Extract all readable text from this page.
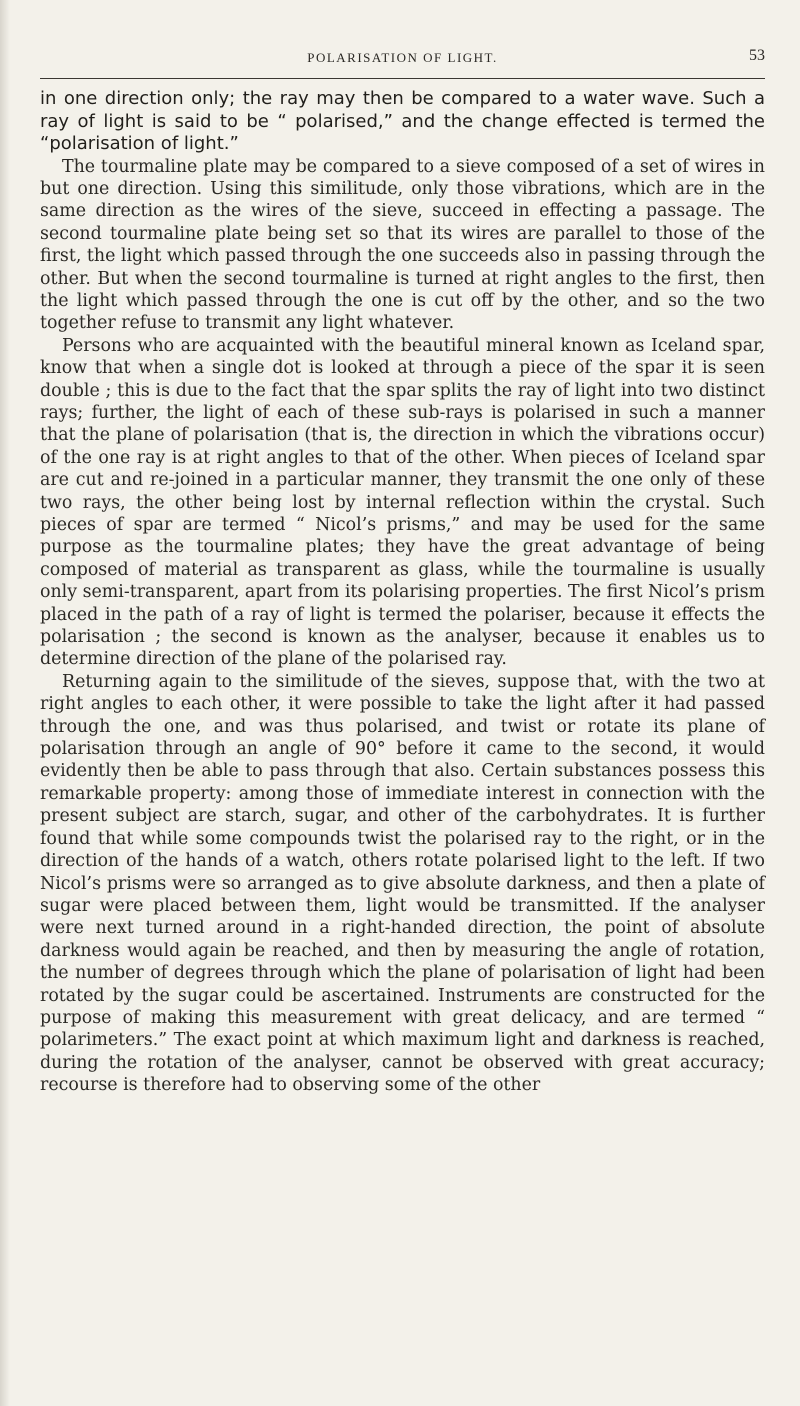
POLARISATION OF LIGHT.	53

in one direction only; the ray may then be compared to a water wave. Such a ray of light is said to be “ polarised,” and the change effected is termed the “polarisation of light.”

The tourmaline plate may be compared to a sieve composed of a set of wires in but one direction. Using this similitude, only those vibrations, which are in the same direction as the wires of the sieve, succeed in effecting a passage. The second tourmaline plate being set so that its wires are parallel to those of the first, the light which passed through the one succeeds also in passing through the other. But when the second tourmaline is turned at right angles to the first, then the light which passed through the one is cut off by the other, and so the two together refuse to transmit any light whatever.

Persons who are acquainted with the beautiful mineral known as Iceland spar, know that when a single dot is looked at through a piece of the spar it is seen double ; this is due to the fact that the spar splits the ray of light into two distinct rays; further, the light of each of these sub-rays is polarised in such a manner that the plane of polarisation (that is, the direction in which the vibrations occur) of the one ray is at right angles to that of the other. When pieces of Iceland spar are cut and re-joined in a particular manner, they transmit the one only of these two rays, the other being lost by internal reflection within the crystal. Such pieces of spar are termed “ Nicol’s prisms,” and may be used for the same purpose as the tourmaline plates; they have the great advantage of being composed of material as transparent as glass, while the tourmaline is usually only semi-transparent, apart from its polarising properties. The first Nicol’s prism placed in the path of a ray of light is termed the polariser, because it effects the polarisation ; the second is known as the analyser, because it enables us to determine direction of the plane of the polarised ray.

Returning again to the similitude of the sieves, suppose that, with the two at right angles to each other, it were possible to take the light after it had passed through the one, and was thus polarised, and twist or rotate its plane of polarisation through an angle of 90° before it came to the second, it would evidently then be able to pass through that also. Certain substances possess this remarkable property: among those of immediate interest in connection with the present subject are starch, sugar, and other of the carbohydrates. It is further found that while some compounds twist the polarised ray to the right, or in the direction of the hands of a watch, others rotate polarised light to the left. If two Nicol’s prisms were so arranged as to give absolute darkness, and then a plate of sugar were placed between them, light would be transmitted. If the analyser were next turned around in a right-handed direction, the point of absolute darkness would again be reached, and then by measuring the angle of rotation, the number of degrees through which the plane of polarisation of light had been rotated by the sugar could be ascertained. Instruments are constructed for the purpose of making this measurement with great delicacy, and are termed “ polarimeters.” The exact point at which maximum light and darkness is reached, during the rotation of the analyser, cannot be observed with great accuracy; recourse is therefore had to observing some of the other
